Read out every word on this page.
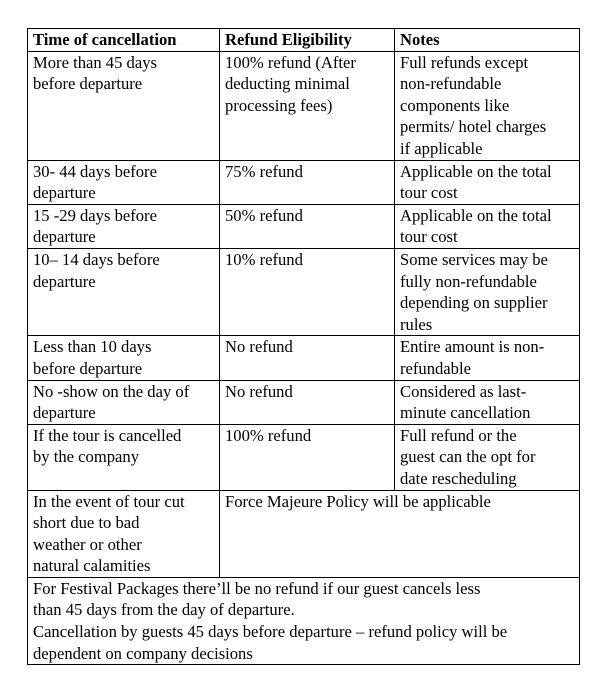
Time of cancellation	Refund Eligibility	Notes

More than 45 days
before departure	100% refund (After
deducting minimal
processing fees)	Full refunds except
non-refundable
components like
permits/ hotel charges
if applicable

30- 44 days before
departure	75% refund	Applicable on the total
tour cost

15 -29 days before
departure	50% refund	Applicable on the total
tour cost

10– 14 days before
departure	10% refund	Some services may be
fully non-refundable
depending on supplier
rules

Less than 10 days
before departure	No refund	Entire amount is non-
refundable

No -show on the day of
departure	No refund	Considered as last-
minute cancellation

If the tour is cancelled
by the company	100% refund	Full refund or the
guest can the opt for
date rescheduling

In the event of tour cut
short due to bad
weather or other
natural calamities	Force Majeure Policy will be applicable	

For Festival Packages there’ll be no refund if our guest cancels less
than 45 days from the day of departure.
Cancellation by guests 45 days before departure – refund policy will be
dependent on company decisions		
